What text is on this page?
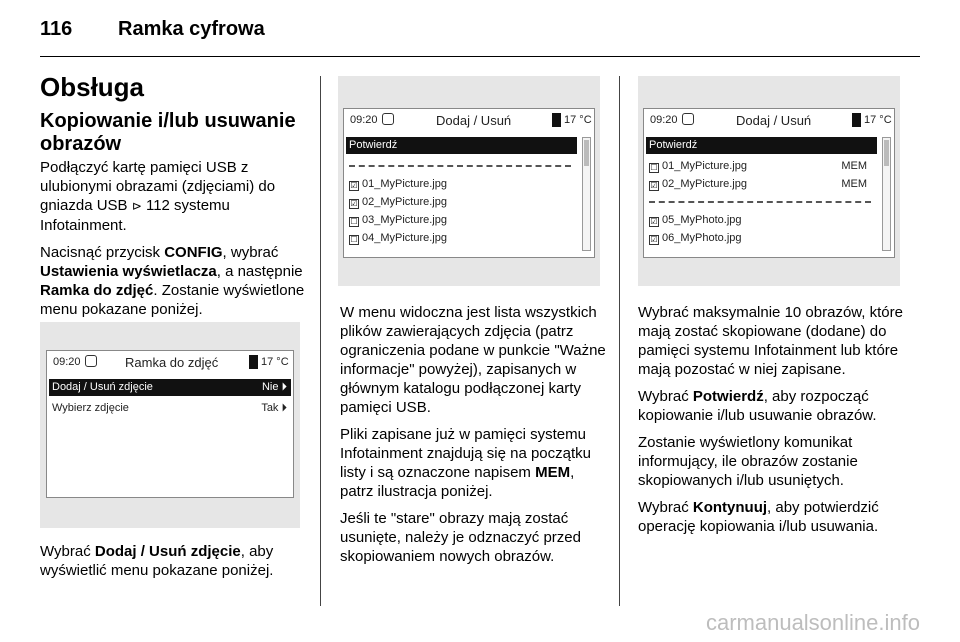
116 Ramka cyfrowa
Obsługa
Kopiowanie i/lub usuwanie obrazów

Podłączyć kartę pamięci USB z ulubionymi obrazami (zdjęciami) do gniazda USB ⊳ 112 systemu Infotainment.

Nacisnąć przycisk CONFIG, wybrać Ustawienia wyświetlacza, a następnie Ramka do zdjęć. Zostanie wyświetlone menu pokazane poniżej.

09:20	Ramka do zdjęć	17 °C
Dodaj / Usuń zdjęcie	Nie ⏵
Wybierz zdjęcie	Tak ⏵

Wybrać Dodaj / Usuń zdjęcie, aby wyświetlić menu pokazane poniżej.

09:20	Dodaj / Usuń	17 °C
Potwierdź
☑ 01_MyPicture.jpg
☑ 02_MyPicture.jpg
☐ 03_MyPicture.jpg
☐ 04_MyPicture.jpg

W menu widoczna jest lista wszystkich plików zawierających zdjęcia (patrz ograniczenia podane w punkcie "Ważne informacje" powyżej), zapisanych w głównym katalogu podłączonej karty pamięci USB.

Pliki zapisane już w pamięci systemu Infotainment znajdują się na początku listy i są oznaczone napisem MEM, patrz ilustracja poniżej.

Jeśli te "stare" obrazy mają zostać usunięte, należy je odznaczyć przed skopiowaniem nowych obrazów.

09:20	Dodaj / Usuń	17 °C
Potwierdź
☐ 01_MyPicture.jpg	MEM
☑ 02_MyPicture.jpg	MEM
☑ 05_MyPhoto.jpg
☑ 06_MyPhoto.jpg

Wybrać maksymalnie 10 obrazów, które mają zostać skopiowane (dodane) do pamięci systemu Infotainment lub które mają pozostać w niej zapisane.

Wybrać Potwierdź, aby rozpocząć kopiowanie i/lub usuwanie obrazów.

Zostanie wyświetlony komunikat informujący, ile obrazów zostanie skopiowanych i/lub usuniętych.

Wybrać Kontynuuj, aby potwierdzić operację kopiowania i/lub usuwania.

carmanualsonline.info
